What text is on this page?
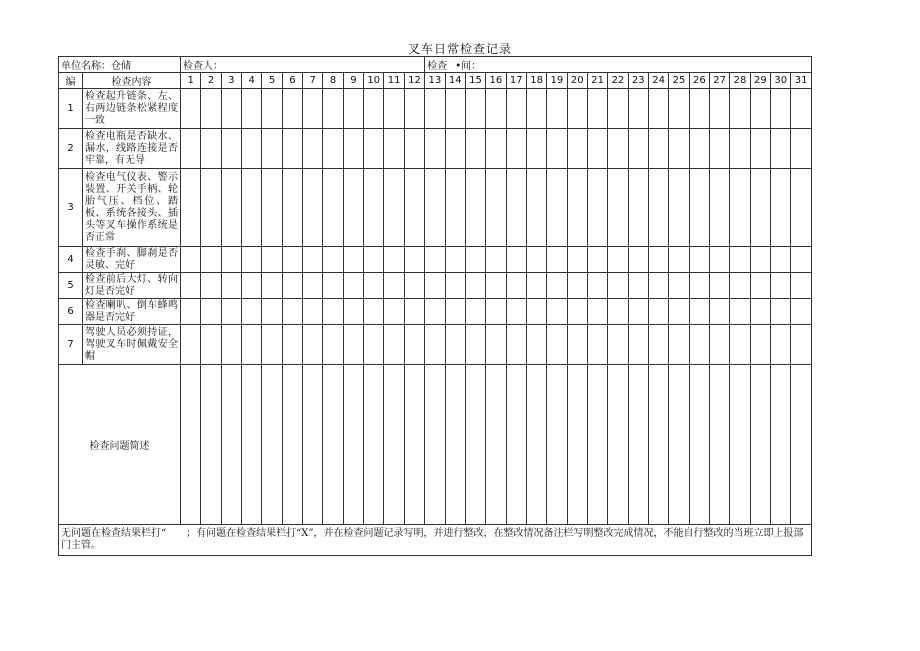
叉车日常检查记录
单位名称：仓储		检查人：												检查 •间：																		
编	检查内容	1	2	3	4	5	6	7	8	9	10	11	12	13	14	15	16	17	18	19	20	21	22	23	24	25	26	27	28	29	30	31
1	检查起升链条、左、右两边链条松紧程度一致																															
2	检查电瓶是否缺水、漏水，线路连接是否牢靠，有无导																															
3	检查电气仪表、警示装置、开关手柄、轮胎气压、档位、踏板、系统各接头、插头等叉车操作系统是否正常																															
4	检查手刹、脚刹是否灵敏、完好																															
5	检查前后大灯、转向灯是否完好																															
6	检查喇叭、倒车蜂鸣器是否完好																															
7	驾驶人员必须持证，驾驶叉车时佩戴安全帽																															
检查问题简述																																
无问题在检查结果栏打“　　；有问题在检查结果栏打“X”，并在检查问题记录写明，并进行整改，在整改情况备注栏写明整改完成情况，不能自行整改的当班立即上报部门主管。																																
